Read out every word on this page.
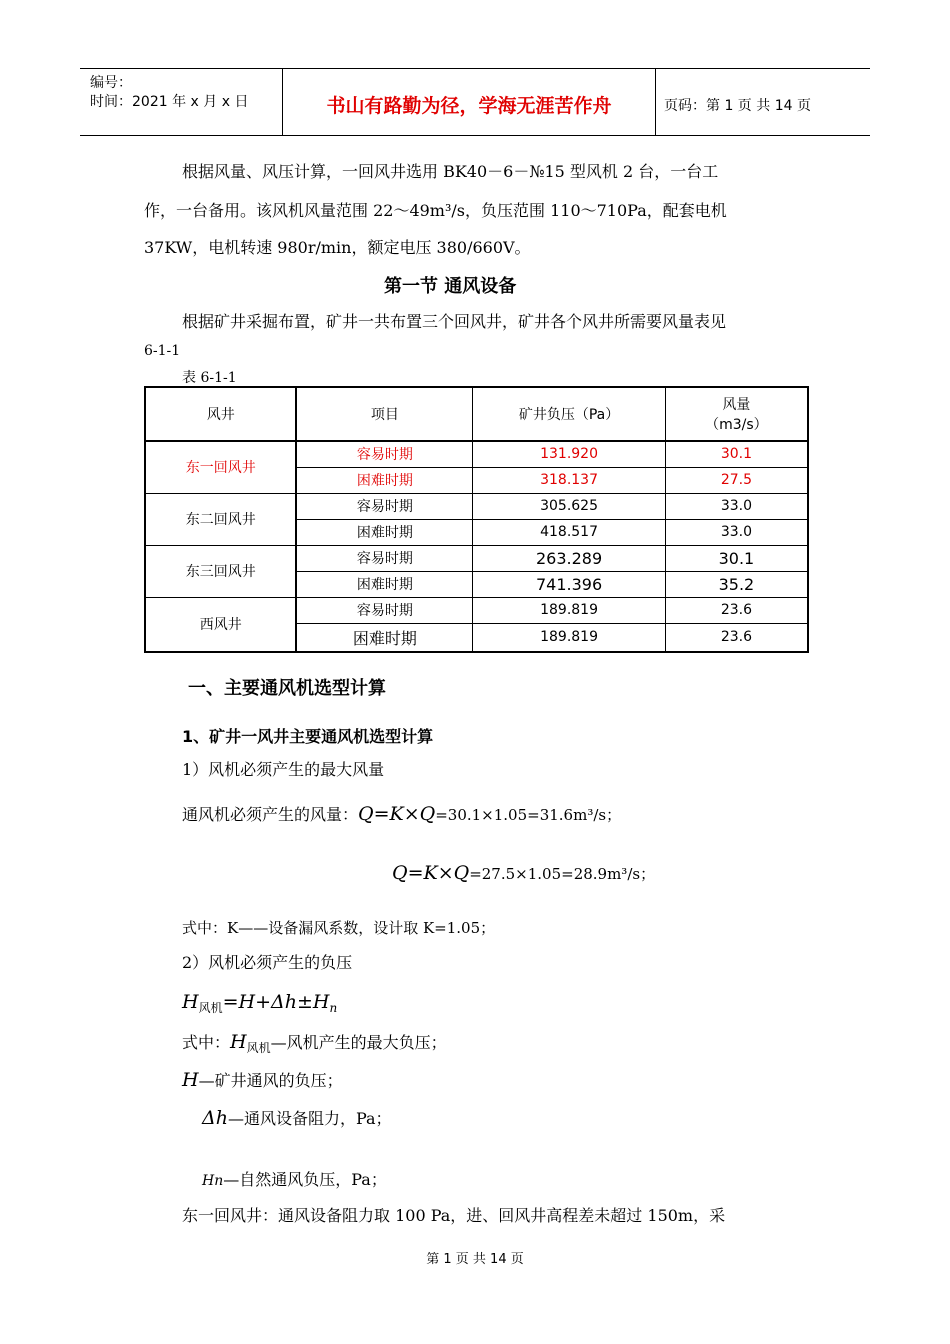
编号：
时间：2021 年 x 月 x 日	书山有路勤为径，学海无涯苦作舟	页码：第 1 页 共 14 页
根据风量、风压计算，一回风井选用 BK40－6－№15 型风机 2 台，一台工
作，一台备用。该风机风量范围 22～49m³/s，负压范围 110～710Pa，配套电机
37KW，电机转速 980r/min，额定电压 380/660V。
第一节 通风设备
根据矿井采掘布置，矿井一共布置三个回风井，矿井各个风井所需要风量表见
6-1-1
表 6-1-1
风井	项目	矿井负压（Pa）	风量
（m3/s）

东一回风井	容易时期	131.920	30.1
	困难时期	318.137	27.5
东二回风井	容易时期	305.625	33.0
	困难时期	418.517	33.0
东三回风井	容易时期	263.289	30.1
	困难时期	741.396	35.2
西风井	容易时期	189.819	23.6
	困难时期	189.819	23.6
一、主要通风机选型计算
1、矿井一风井主要通风机选型计算
1）风机必须产生的最大风量
通风机必须产生的风量：Q=K×Q=30.1×1.05=31.6m³/s；
Q=K×Q=27.5×1.05=28.9m³/s；
式中：K——设备漏风系数，设计取 K=1.05；
2）风机必须产生的负压
$H_{风机}=H+\Delta h\pm H_n$
式中：$H_{风机}—$风机产生的最大负压；
H—矿井通风的负压；
Δh—通风设备阻力，Pa；
Hn—自然通风负压，Pa；
东一回风井：通风设备阻力取 100 Pa，进、回风井高程差未超过 150m，采
第 1 页 共 14 页
